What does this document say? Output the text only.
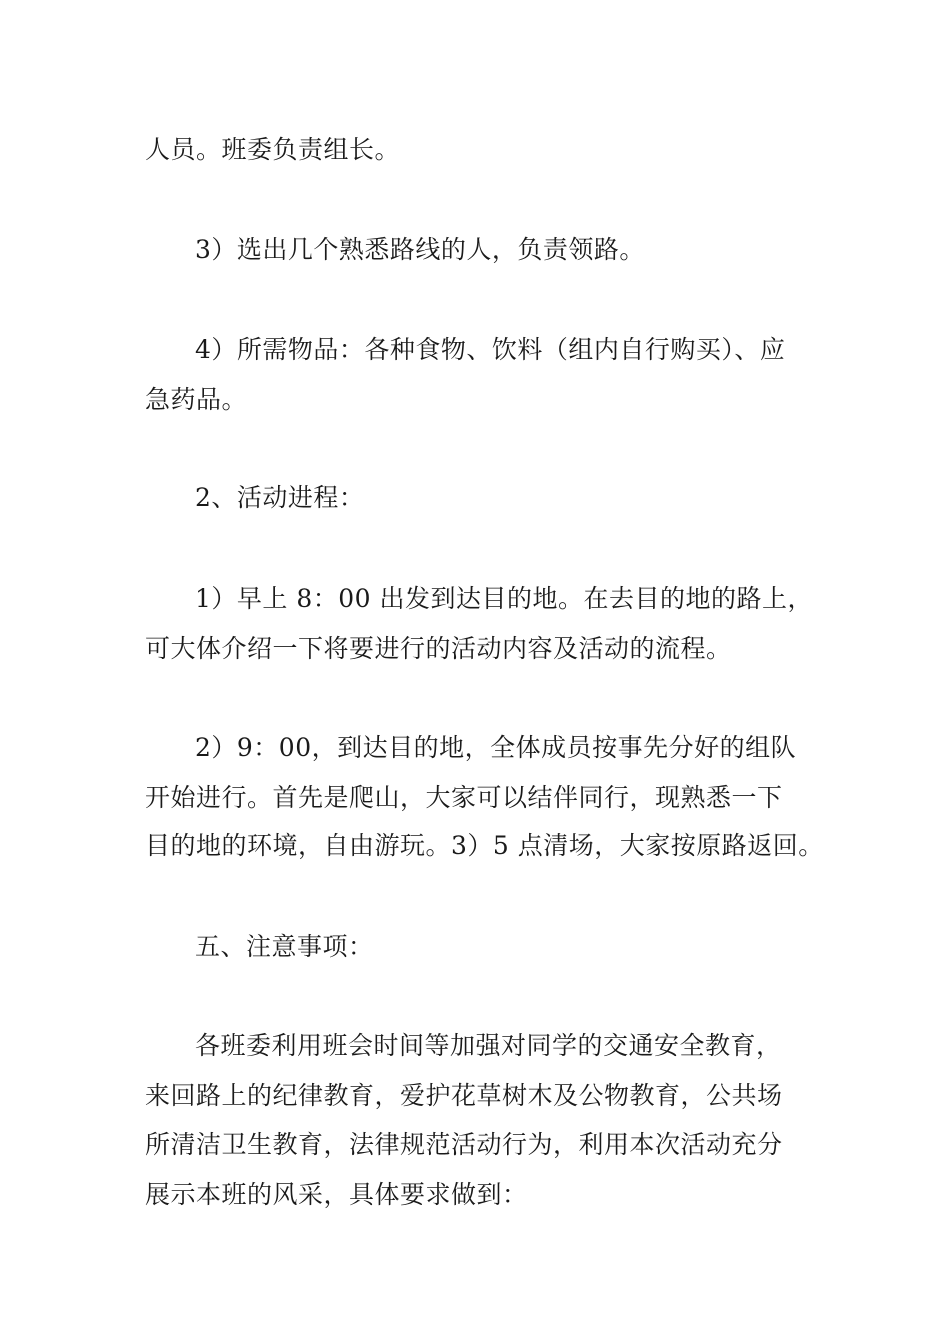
人员。班委负责组长。
3）选出几个熟悉路线的人，负责领路。
4）所需物品：各种食物、饮料（组内自行购买）、应
急药品。
2、活动进程：
1）早上 8：00 出发到达目的地。在去目的地的路上，
可大体介绍一下将要进行的活动内容及活动的流程。
2）9：00，到达目的地，全体成员按事先分好的组队
开始进行。首先是爬山，大家可以结伴同行，现熟悉一下
目的地的环境，自由游玩。3）5 点清场，大家按原路返回。
五、注意事项：
各班委利用班会时间等加强对同学的交通安全教育，
来回路上的纪律教育，爱护花草树木及公物教育，公共场
所清洁卫生教育，法律规范活动行为，利用本次活动充分
展示本班的风采，具体要求做到：
